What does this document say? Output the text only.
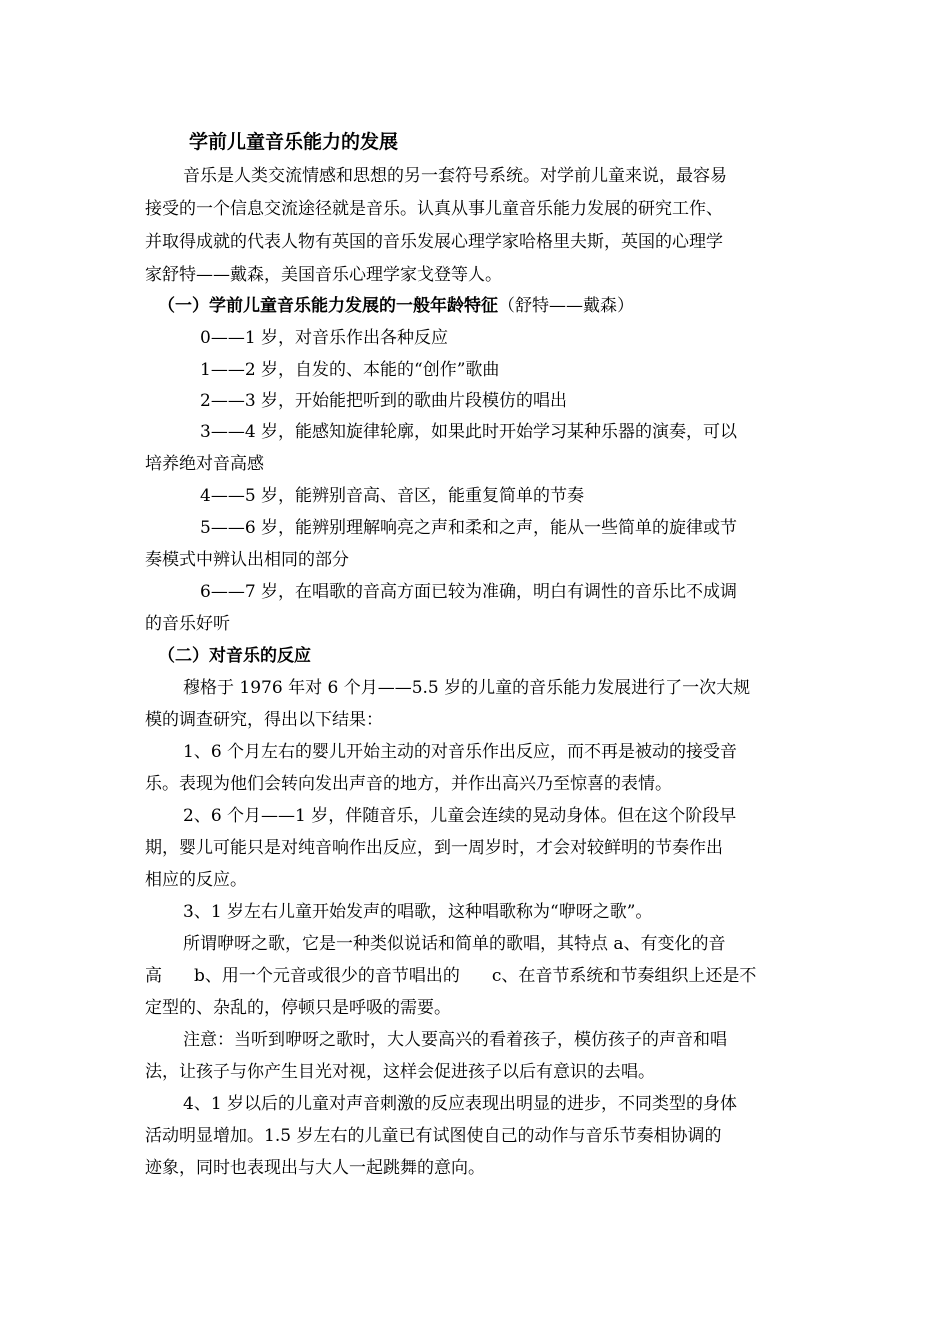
学前儿童音乐能力的发展
音乐是人类交流情感和思想的另一套符号系统。对学前儿童来说，最容易
接受的一个信息交流途径就是音乐。认真从事儿童音乐能力发展的研究工作、
并取得成就的代表人物有英国的音乐发展心理学家哈格里夫斯，英国的心理学
家舒特——戴森，美国音乐心理学家戈登等人。
（一）学前儿童音乐能力发展的一般年龄特征（舒特——戴森）
0——1 岁，对音乐作出各种反应
1——2 岁，自发的、本能的“创作”歌曲
2——3 岁，开始能把听到的歌曲片段模仿的唱出
3——4 岁，能感知旋律轮廓，如果此时开始学习某种乐器的演奏，可以
培养绝对音高感
4——5 岁，能辨别音高、音区，能重复简单的节奏
5——6 岁，能辨别理解响亮之声和柔和之声，能从一些简单的旋律或节
奏模式中辨认出相同的部分
6——7 岁，在唱歌的音高方面已较为准确，明白有调性的音乐比不成调
的音乐好听
（二）对音乐的反应
穆格于 1976 年对 6 个月——5.5 岁的儿童的音乐能力发展进行了一次大规
模的调查研究，得出以下结果：
1、6 个月左右的婴儿开始主动的对音乐作出反应，而不再是被动的接受音
乐。表现为他们会转向发出声音的地方，并作出高兴乃至惊喜的表情。
2、6 个月——1 岁，伴随音乐，儿童会连续的晃动身体。但在这个阶段早
期，婴儿可能只是对纯音响作出反应，到一周岁时，才会对较鲜明的节奏作出
相应的反应。
3、1 岁左右儿童开始发声的唱歌，这种唱歌称为“咿呀之歌”。
所谓咿呀之歌，它是一种类似说话和简单的歌唱，其特点 a、有变化的音
高 b、用一个元音或很少的音节唱出的 c、在音节系统和节奏组织上还是不
定型的、杂乱的，停顿只是呼吸的需要。
注意：当听到咿呀之歌时，大人要高兴的看着孩子，模仿孩子的声音和唱
法，让孩子与你产生目光对视，这样会促进孩子以后有意识的去唱。
4、1 岁以后的儿童对声音刺激的反应表现出明显的进步，不同类型的身体
活动明显增加。1.5 岁左右的儿童已有试图使自己的动作与音乐节奏相协调的
迹象，同时也表现出与大人一起跳舞的意向。
